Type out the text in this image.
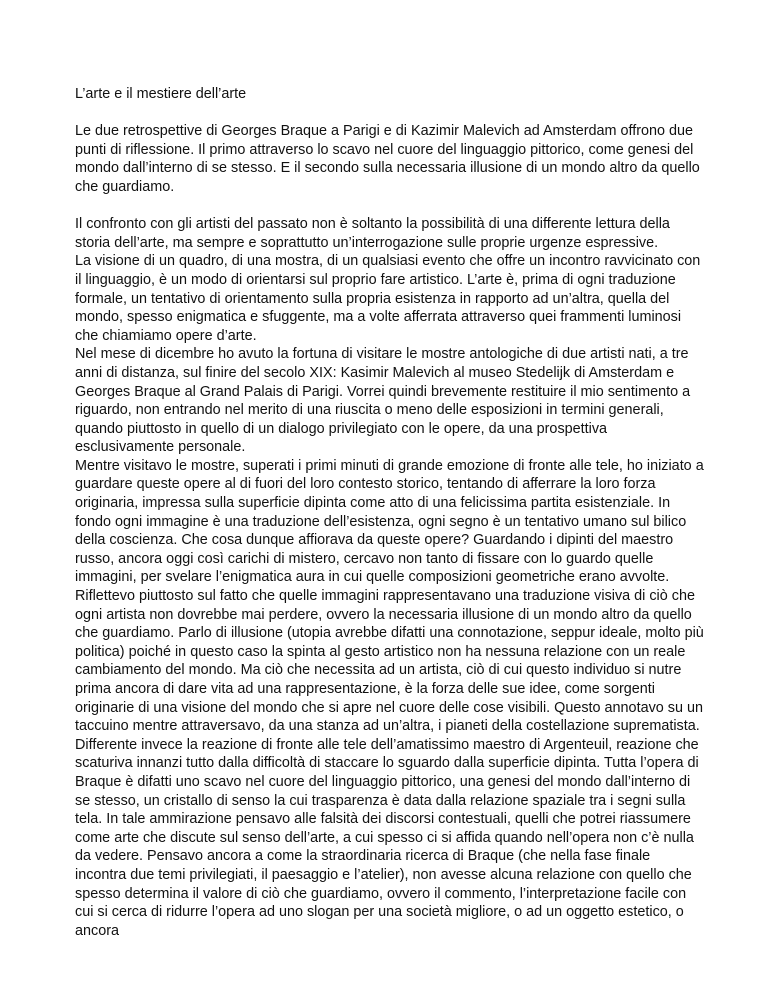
L’arte e il mestiere dell’arte

Le due retrospettive di Georges Braque a Parigi e di Kazimir Malevich ad Amsterdam offrono due punti di riflessione. Il primo attraverso lo scavo nel cuore del linguaggio pittorico, come genesi del mondo dall’interno di se stesso. E il secondo sulla necessaria illusione di un mondo altro da quello che guardiamo.

Il confronto con gli artisti del passato non è soltanto la possibilità di una differente lettura della storia dell’arte, ma sempre e soprattutto un’interrogazione sulle proprie urgenze espressive.

La visione di un quadro, di una mostra, di un qualsiasi evento che offre un incontro ravvicinato con il linguaggio, è un modo di orientarsi sul proprio fare artistico. L’arte è, prima di ogni traduzione formale, un tentativo di orientamento sulla propria esistenza in rapporto ad un’altra, quella del mondo, spesso enigmatica e sfuggente, ma a volte afferrata attraverso quei frammenti luminosi che chiamiamo opere d’arte.

Nel mese di dicembre ho avuto la fortuna di visitare le mostre antologiche di due artisti nati, a tre anni di distanza, sul finire del secolo XIX: Kasimir Malevich al museo Stedelijk di Amsterdam e Georges Braque al Grand Palais di Parigi. Vorrei quindi brevemente restituire il mio sentimento a riguardo, non entrando nel merito di una riuscita o meno delle esposizioni in termini generali, quando piuttosto in quello di un dialogo privilegiato con le opere, da una prospettiva esclusivamente personale.

Mentre visitavo le mostre, superati i primi minuti di grande emozione di fronte alle tele, ho iniziato a guardare queste opere al di fuori del loro contesto storico, tentando di afferrare la loro forza originaria, impressa sulla superficie dipinta come atto di una felicissima partita esistenziale. In fondo ogni immagine è una traduzione dell’esistenza, ogni segno è un tentativo umano sul bilico della coscienza. Che cosa dunque affiorava da queste opere? Guardando i dipinti del maestro russo, ancora oggi così carichi di mistero, cercavo non tanto di fissare con lo guardo quelle immagini, per svelare l’enigmatica aura in cui quelle composizioni geometriche erano avvolte. Riflettevo piuttosto sul fatto che quelle immagini rappresentavano una traduzione visiva di ciò che ogni artista non dovrebbe mai perdere, ovvero la necessaria illusione di un mondo altro da quello che guardiamo. Parlo di illusione (utopia avrebbe difatti una connotazione, seppur ideale, molto più politica) poiché in questo caso la spinta al gesto artistico non ha nessuna relazione con un reale cambiamento del mondo. Ma ciò che necessita ad un artista, ciò di cui questo individuo si nutre prima ancora di dare vita ad una rappresentazione, è la forza delle sue idee, come sorgenti originarie di una visione del mondo che si apre nel cuore delle cose visibili. Questo annotavo su un taccuino mentre attraversavo, da una stanza ad un’altra, i pianeti della costellazione suprematista.

Differente invece la reazione di fronte alle tele dell’amatissimo maestro di Argenteuil, reazione che scaturiva innanzi tutto dalla difficoltà di staccare lo sguardo dalla superficie dipinta. Tutta l’opera di Braque è difatti uno scavo nel cuore del linguaggio pittorico, una genesi del mondo dall’interno di se stesso, un cristallo di senso la cui trasparenza è data dalla relazione spaziale tra i segni sulla tela. In tale ammirazione pensavo alle falsità dei discorsi contestuali, quelli che potrei riassumere come arte che discute sul senso dell’arte, a cui spesso ci si affida quando nell’opera non c’è nulla da vedere. Pensavo ancora a come la straordinaria ricerca di Braque (che nella fase finale incontra due temi privilegiati, il paesaggio e l’atelier), non avesse alcuna relazione con quello che spesso determina il valore di ciò che guardiamo, ovvero il commento, l’interpretazione facile con cui si cerca di ridurre l’opera ad uno slogan per una società migliore, o ad un oggetto estetico, o ancora
